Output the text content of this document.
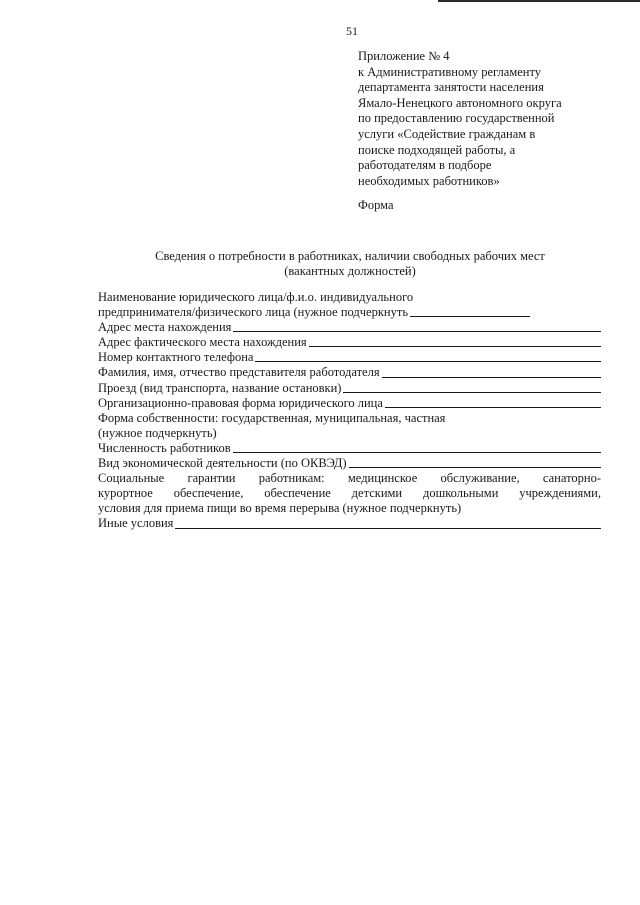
51
Приложение № 4
к Административному регламенту
департамента занятости населения
Ямало-Ненецкого автономного округа
по предоставлению государственной
услуги «Содействие гражданам в
поиске подходящей работы, а
работодателям в подборе
необходимых работников»
Форма
Сведения о потребности в работниках, наличии свободных рабочих мест
(вакантных должностей)
Наименование юридического лица/ф.и.о. индивидуального
предпринимателя/физического лица (нужное подчеркнуть
Адрес места нахождения
Адрес фактического места нахождения
Номер контактного телефона
Фамилия, имя, отчество представителя работодателя
Проезд (вид транспорта, название остановки)
Организационно-правовая форма юридического лица
Форма собственности: государственная, муниципальная, частная
(нужное подчеркнуть)
Численность работников
Вид экономической деятельности (по ОКВЭД)
Социальные гарантии работникам: медицинское обслуживание, санаторно-
курортное обеспечение, обеспечение детскими дошкольными учреждениями,
условия для приема пищи во время перерыва (нужное подчеркнуть)
Иные условия
